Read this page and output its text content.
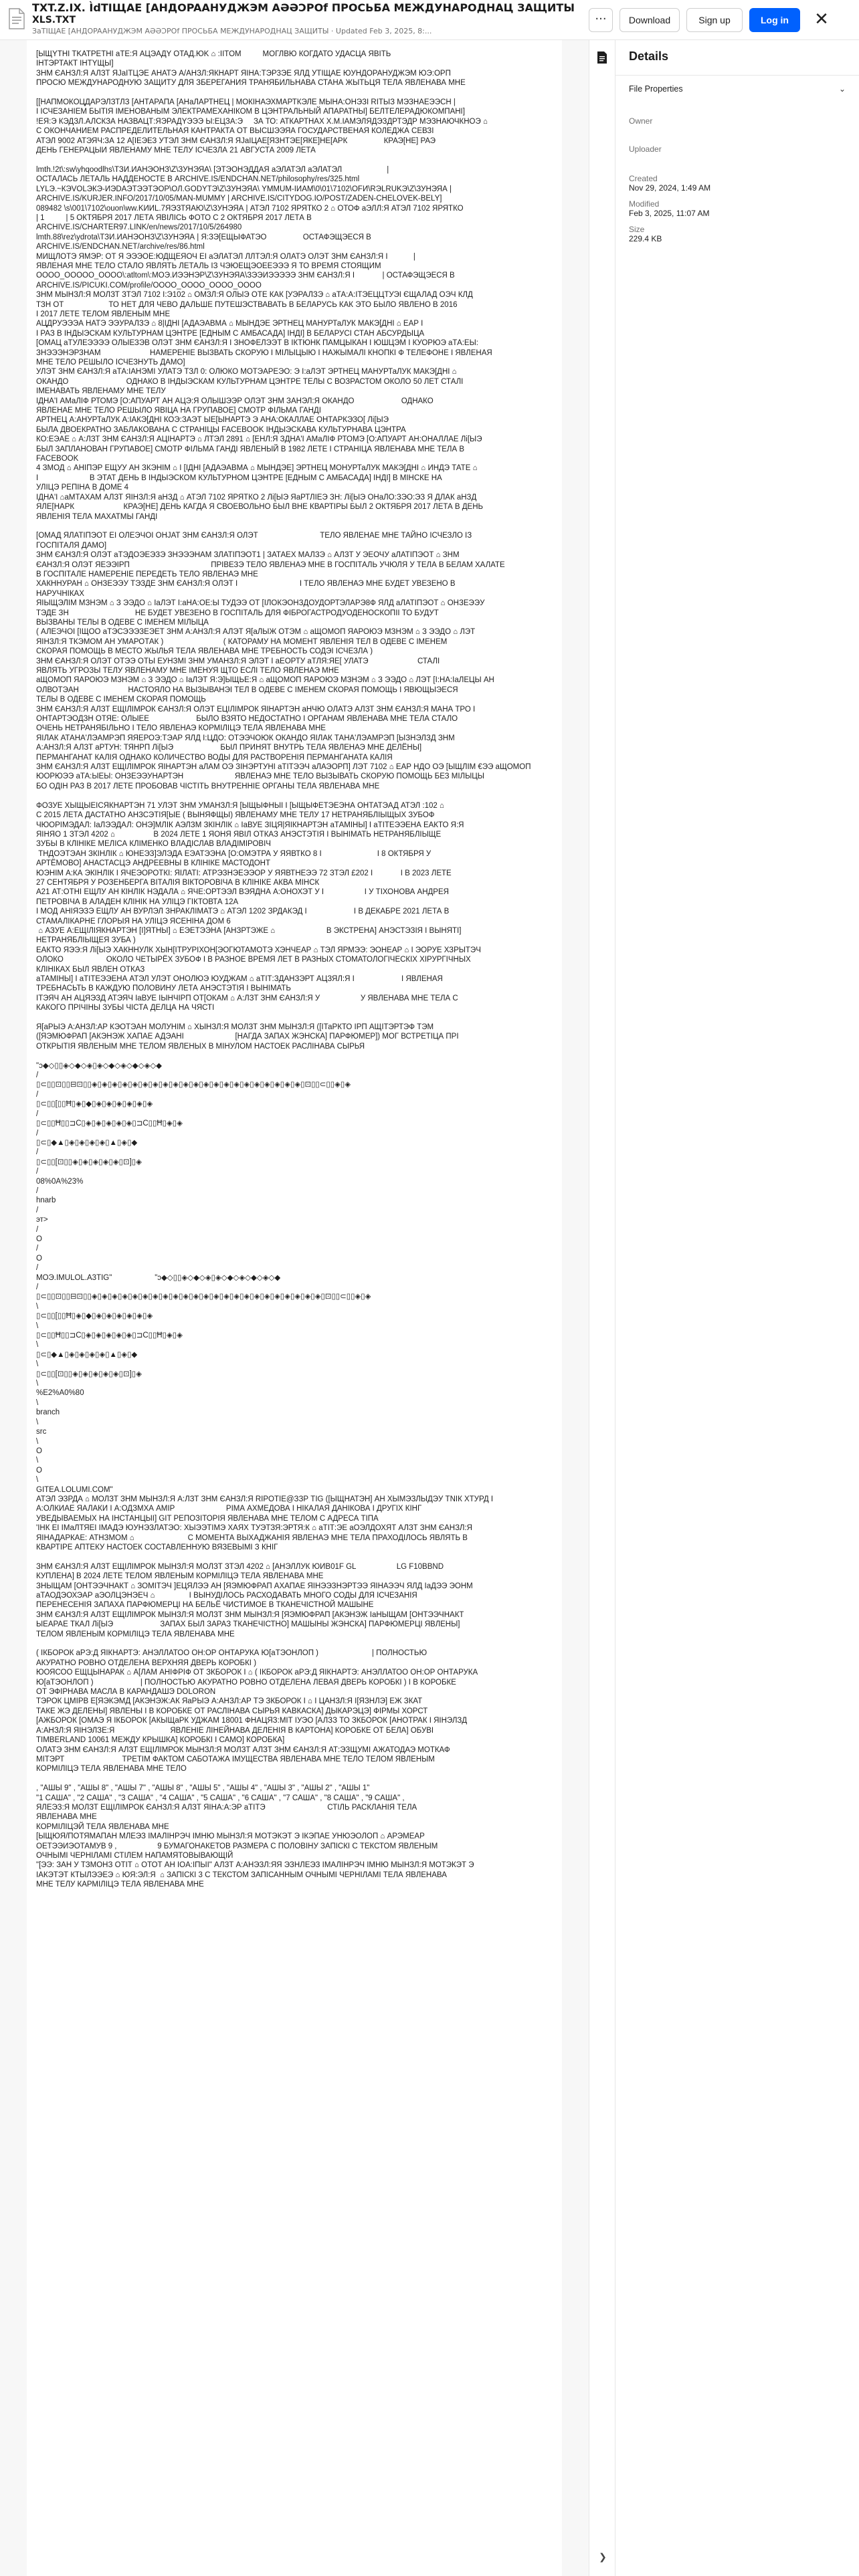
TXT.Z.IX. ÌdTIЩAE [AHДOPAAHУДЖЭМ AƏƏƆPOf ПРОСЬБА МЕЖДУНАРОДНАЦ ЗАЩИТЫ
XLS.TXT
ЗaТIЩAE [AHДOPAAHУДЖЭМ AƏƏƆPOf ПРОСЬБА МЕЖДУНАРОДНАЦ ЗАЩИТЫ · Updated Feb 3, 2025, 8:...
···	Download	Sign up	Log in	✕
[ЫЩYTНI TKATPETHI aTE:Я AЦЭAДY OTAД.ЮK ⌂ :IITOM          МОГЛВЮ КОГДАТО УДАСЦА ЯВIТЬ
IНТЭРТАКТ IНТYЩЫ]
ЗНМ ЄАНЗЛ:Я АЛЗТ ЯJaIТЦЭЕ АНАТЭ А/АНЗЛ:ЯКНАРТ ЯIНА:ТЭР3ЭЕ ЯЛД УТIЩАЕ ЮУНДОРАНУДЖЭМ ЮЭ:ОРП
ПРОСЮ МЕЖДУНАРОДНУЮ ЗАЩИТУ ДЛЯ ЗБЕРЕГАНИЯ ТРАНЯБИЛЬНАВА СТАНА ЖЫТЬЦЯ ТЕЛА ЯВЛЕНАВА МНЕ

[[НАПМОКОЦДАРЭЛЗТЛЗ [АНТАРАПА [АНаЛАРТНЕЦ | МОКIНАЭХМАРТКЭЛЕ МЫНА:ОНЭЗI RIТЫЗ МЭЗНАЕЭЭСН |
I ІСЧЕЗАНIЕМ БЫТIЯ ІМЕНОВАНЫМ ЭЛЕКТРАМЕХАНIКОМ В ЦЭНТРАЛЬНЫЙ АПАРАТНЫ] БЕЛТЕЛЕРАДЮКОМПАНI]
!ЕЯ:Э КЭДЗЛ.АЛСКЗА НАЗВАЦТ:ЯЭРАДYЭЭЭ Ы:ЕЦЗА:Э     ЗА ТО: АТКАРТНАХ Х.М.ІАМЭЛЯДЭЗДРТЭДР МЭЗНАЮЧКНОЭ ⌂
С ОКОНЧАНИЕМ РАСПРЕДЕЛИТЕЛЬНАЯ КАНТРАКТА ОТ ВЫСШЭЭЯА ГОСУДАРСТВЕНАЯ КОЛЕДЖА СЕВЗI
АТЭЛ 9002 АТЭЯЧ:ЗА 12 А[IЕЭЕЗ УТЭЛ ЗНМ ЄАНЗЛ:Я ЯJaIЦАЕ[ЯЗНТЭЕ[ЯКЕ]НЕ[АРК                 КРАЭ[НЕ] РАЭ
ДЕНЬ ГЕНЕРАЦЫИ ЯВЛЕНАМУ МНЕ ТЕЛУ ІСЧЕЗЛА 21 АВГУСТА 2009 ЛЕТА

lmth.!2t\:sw\yhqoodlhs\ТЗИ.ИАНЭОНЗ\Z\ЗУНЭЯА\ [ЭТЭОНЭДДАЯ аЭЛАТЭЛ аЭЛАТЭЛ                     |
ОСТАЛАСЬ ЛЕТАЛЬ НАДДЕНОСТЕ В ARCHIVE.IS/ENDCHAN.NET/philosophy/res/325.html
LYLЭ.~КЭVOLЭКЭ-ИЭDAЭТЭЭТЭОР\ОЛ.GODYTЭ\Z\ЗУНЭЯА\ YMMUM-IИAM\0\01\7102\OFИ\RЭLRUKЭ\Z\ЗУНЭЯА |
ARCHIVE.IS/KURJER.INFO/2017/10/05/MAN-MUMMY | ARCHIVE.IS/CITYDOG.IO/POST/ZADEN-CHELOVEK-BELY]
089482 \s\001\7102\ouоn\ww.KИИL.7ЯЭЗТЯАЮ\Z\ЗУНЭЯА | АТЭЛ 7102 ЯРЯТКО 2 ⌂ ОТОФ аЭЛЛ:Я АТЭЛ 7102 ЯРЯТКО
| 1          | 5 ОКТЯБРЯ 2017 ЛЕТА ЯВIЛIСЬ ФОТО С 2 ОКТЯБРЯ 2017 ЛЕТА В
ARCHIVE.IS/CHARTER97.LINK/en/news/2017/10/5/264980
lmth.88\rez\ydrota\ТЗИ.ИАНЭОНЗ\Z\ЗУНЭЯА | Я:ЗЭ[ЕЩЫФАТЭО                 ОСТАФЭЩЭЕСЯ В
ARCHIVE.IS/ENDCHAN.NET/archive/res/86.html
МИЩЛОТЭ ЯМЭР: ОТ Я ЭЭЭOЕ:ЮДЩЕЯОЧ ЕI аЭЛАТЭЛ ЛЛТЭЛ:Я ОЛАТЭ ОЛЭТ ЗНМ ЄАНЗЛ:Я I            |
ЯВЛЕНАЯ МНЕ ТЕЛО СТАЛО ЯВЛЯТЬ ЛЕТАЛЬ ІЗ ЧЭЮЕЩЭОЕЕЭЭЭ Я ТО ВРЕМЯ СТОЯЩИМ
OOOO_OOOOO_OOOO\:atltom\:МОЭ.ИЭЭНЭР\Z\ЗУНЭЯА\ЗЭЭИЭЭЭЭЭ ЗНМ ЄАНЗЛ:Я I             | ОСТАФЭЩЭЕСЯ В
ARCHIVE.IS/PICUKI.COM/profile/OOOO_OOOO_OOOO_OOOO
ЗНМ МЫНЗЛ:Я МОЛЗТ ЗТЭЛ 7102 I:Э102 ⌂ ОМЗЛ:Я ОЛЫЭ ОТЕ КАК [УЭРАЛЗЭ ⌂ аТА:А:IТЭЕЦЦТУЭI ЄЩАЛАД ОЭЧ КЛД
ТЗН ОТ                     ТО НЕТ ДЛЯ ЧЕВО ДАЛЬШЕ ПУТЕШЭСТВАВАТЬ В БЕЛАРУСЬ КАК ЭТО БЫЛО ЯВЛЕНО В 2016
I 2017 ЛЕТЕ ТЕЛОМ ЯВЛЕНЫМ МНЕ
АЦДРУЭЭЭА НАТЭ ЭЭУРАЛЗЭ ⌂ 8|IДНI [АДАЭАВМА ⌂ МЫНДЭЕ ЭРТНЕЦ МАНУРТаЛУК МАКЭ[ДНI ⌂ ЕАР I
I РАЗ В ІНДЫЭСКАМ КУЛЬТУРНАМ ЦЭНТРЕ [ЕДНЫМ С АМБАСАДА] ІНДІ] В БЕЛАРУСI СТАН АБСУРДЫЦА
[ОМАЦ аТУЛЕЭЭЭЭ ОЛЫЕЗЭВ ОЛЭТ ЗНМ ЄАНЗЛ:Я I ЗНОФЕЛЭЭТ В ІКТЮНК ПАМЦЫКАН I ЮШЦЭМ I КУОРЮЭ аТА:ЕЫ:
ЗНЭЭЭНЭРЗНАМ                       НАМЕРЕНIЕ ВЫЗВАТЬ СКОРУЮ I МIЛЫЦЫЮ I НАЖЫМАЛI КНОПКI Ф ТЕЛЕФОНЕ I ЯВЛЕНАЯ
МНЕ ТЕЛО РЕШЫЛО ІСЧЕЗНУТЬ ДАМО]
УЛЭТ ЗНМ ЄАНЗЛ:Я аТА:ІАНЭМI УЛАТЭ ТЗЛ 0: ОЛЮКО МОТЭАРЕЭО: Э I:аЛЭТ ЭРТНЕЦ МАНУРТаЛУК МАКЭ[ДНI ⌂
ОКАНДО                           ОДНАКО В ІНДЫЭСКАМ КУЛЬТУРНАМ ЦЭНТРЕ ТЕЛЫ С ВОЗРАСТОМ ОКОЛО 50 ЛЕТ СТАЛI
ІМЕНАВАТЬ ЯВЛЕНАМУ МНЕ ТЕЛУ
IДНА'I АМаЛIФ РТОМЭ [О:АПУАРТ АН АЦЭ:Я ОЛЫШЭЭР ОЛЭТ ЗНМ ЗАНЭЛ:Я ОКАНДО                      ОДНАКО
ЯВЛЕНАЕ МНЕ ТЕЛО РЕШЫЛО ЯВIЦА НА ГРУПАВОЕ] СМОТР ФIЛЬМА ГАНДI
АРТНЕЦ А:АНУРТаЛУК А:ІАКЭ[ДНI КОЭ:ЗАЭТ ЫЕ[ЫНАРТЭ Э АНА:ОКАЛЛАЕ ОНТАРКЭЗО[ Лi[ЫЭ
БЫЛА ДВОЕКРАТНО ЗАБЛАКОВАНА С СТРАНIЦЫ FACEBOOK ІНДЫЭСКАВА КУЛЬТУРНАВА ЦЭНТРА
КО:ЕЭАЕ ⌂ А:ЛЗТ ЗНМ ЄАНЗЛ:Я АЦIНАРТЭ ⌂ ЛТЭЛ 2891 ⌂ [ЕНЛ:Я ЗДНА'I АМаЛIФ РТОМЭ [О:АПУАРТ АН:ОНАЛЛАЕ Лi[ЫЭ
БЫЛ ЗАПЛАНОВАН ГРУПАВОЕ] СМОТР ФIЛЬМА ГАНДI ЯВЛЕНЫЙ В 1982 ЛЕТЕ І СТРАНIЦА ЯВЛЕНАВА МНЕ ТЕЛА В
FACEBOOK
4 ЗМОД ⌂ АНIПЭР ЕЩУУ АН ЗКЭНIМ ⌂ I [ІДНI [АДАЭАВМА ⌂ МЫНДЭЕ] ЭРТНЕЦ МОНУРТаЛУК МАКЭ[ДНI ⌂ ИНДЭ ТАТЕ ⌂
I                        В ЭТАТ ДЕНЬ В ІНДЫЭСКОМ КУЛЬТУРНОМ ЦЭНТРЕ [ЕДНЫМ С АМБАСАДА] ІНДI] В МIНСКЕ НА
УЛIЦЭ РЕПIНА В ДОМЕ 4
IДНА'I ⌂аМТАХАМ АЛЗТ ЯIНЗЛ:Я аНЗД ⌂ АТЭЛ 7102 ЯРЯТКО 2 Лi[ЫЭ ЯаРТЛIЕЭ ЗН: Лi[ЫЭ ОНаЛО:ЗЭО:ЭЗ Я ДЛАК аНЗД
ЯЛЕ[НАРК                       КРАЭ[НЕ] ДЕНЬ КАГДА Я СВОЕВОЛЬНО БЫЛ ВНЕ КВАРТIРЫ БЫЛ 2 ОКТЯБРЯ 2017 ЛЕТА В ДЕНЬ
ЯВЛЕНIЯ ТЕЛА МАХАТМЫ ГАНДI

[ОМАД ЯЛАТIПЭОТ ЕI ОЛЕЭЧОI ОНJАТ ЗНМ ЄАНЗЛ:Я ОЛЭТ                             ТЕЛО ЯВЛЕНАЕ МНЕ ТАЙНО ІСЧЕЗЛО ІЗ
ГОСПIТАЛЯ ДАМО]
ЗНМ ЄАНЗЛ:Я ОЛЭТ аТЭДОЭЕЭЗЭ ЗНЭЭЭНАМ ЗЛАТIПЭОТ1 | ЗАТАЕХ МАЛЗЭ ⌂ АЛЗТ У ЭЕОЧУ аЛАТIПЭОТ ⌂ ЗНМ
ЄАНЗЛ:Я ОЛЭТ ЯЕЭЭIРП                                      ПРIВЕЗЭ ТЕЛО ЯВЛЕНАЭ МНЕ В ГОСПIТАЛЬ УЧЮЛЯ У ТЕЛА В БЕЛАМ ХАЛАТЕ
В ГОСПIТАЛЕ НАМЕРЕНIЕ ПЕРЕДЕТЬ ТЕЛО ЯВЛЕНАЭ МНЕ
ХАКННУРАН ⌂ ОНЗЕЭЭУ ТЭЗДЕ ЗНМ ЄАНЗЛ:Я ОЛЭТ I                             I ТЕЛО ЯВЛЕНАЭ МНЕ БУДЕТ УВЕЗЕНО В
НАРУЧНIКАХ
ЯIЫЩЭЛIМ МЗНЭМ ⌂ З ЭЭДО ⌂ IаЛЭТ I:аНА:ОЕ:Ы ТУДЭЭ ОТ [IЛОКЭОНЗДОУДОРТЭЛАРЭ8Ф ЯЛД аЛАТIПЭОТ ⌂ ОНЗЕЭЭУ
ТЭДЕ ЗН                               НЕ БУДЕТ УВЕЗЕНО В ГОСПIТАЛЬ ДЛЯ ФIБРОГАСТРОДУОДЕНОСКОПII ТО БУДУТ
ВЫЗВАНЫ ТЕЛЫ В ОДЕВЕ С IМЕНЕМ МIЛЫЦА
( АЛЕЭЧОI [IЩОО аТЭСЭЭЭЗЕЭЕТ ЗНМ А:АНЗЛ:Я АЛЭТ Я[аЛЫЖ ОТЭМ ⌂ аЩОМОП ЯАРОЮЭ МЗНЭМ ⌂ З ЭЭДО ⌂ ЛЭТ
ЯIНЗЛ:Я ТКЭМОМ АН УМАРОТАК )                            ( КАТОРАМУ НА МОМЕНТ ЯВЛЕНIЯ ТЕЛ В ОДЕВЕ С IМЕНЕМ
СКОРАЯ ПОМОЩЬ В МЕСТО ЖЫЛЬЯ ТЕЛА ЯВЛЕНАВА МНЕ ТРЕБНОСТЬ СОДЭI ІСЧЕЗЛА )
ЗНМ ЄАНЗЛ:Я ОЛЭТ ОТЭЭ ОТЫ ЕУНЗМI ЗНМ УМАНЗЛ:Я ЭЛЭТ I аЕОРТУ аТЛЯ:ЯЕ[ УЛАТЭ                       СТАЛI
ЯВЛЯТЬ УГРОЗЫ ТЕЛУ ЯВЛЕНАМУ МНЕ IМЕНУЯ ЩТО ЕСЛI ТЕЛО ЯВЛЕНАЭ МНЕ
аЩОМОП ЯАРОЮЭ МЗНЭМ ⌂ З ЭЭДО ⌂ IаЛЭТ Я:Э]ЫЩЬЕ:Я ⌂ аЩОМОП ЯАРОЮЭ МЗНЭМ ⌂ З ЭЭДО ⌂ ЛЭТ [I:НА:IаЛЕЦЫ АН
ОЛВОТЭАН                       НАСТОЯЛО НА ВЫЗЫВАНЭI ТЕЛ В ОДЕВЕ С IМЕНЕМ СКОРАЯ ПОМОЩЬ I ЯВЮЩЫЭЕСЯ
ТЕЛЫ В ОДЕВЕ С IМЕНЕМ СКОРАЯ ПОМОЩЬ
ЗНМ ЄАНЗЛ:Я АЛЗТ ЕЩIЛIМРОК ЄАНЗЛ:Я ОЛЭТ ЕЦIЛIМРОК ЯIНАРТЭН аНЧЮ ОЛАТЭ АЛЗТ ЗНМ ЄАНЗЛ:Я МАНА ТРО I
ОНТАРТЭОДЗН ОТЯЕ: ОЛЫЕЕ                      БЫЛО ВЗЯТО НЕДОСТАТНО I ОРГАНАМ ЯВЛЕНАВА МНЕ ТЕЛА СТАЛО
ОЧЕНЬ НЕТРАНЯБIЛЬНО I ТЕЛО ЯВЛЕНАЭ КОРМIЛIЦЭ ТЕЛА ЯВЛЕНАВА МНЕ
ЯIЛАК АТАНА'ЛЭАМРЭП ЯЯЕРОЭ:ТЭАР ЯЛД I:ЦДО: ОТЭЭЧОЮК ОКАНДО ЯIЛАК ТАНА'ЛЭАМРЭП [ЫЗНЭЛЗД ЗНМ
А:АНЗЛ:Я АЛЗТ аРТУН: ТЯНРП Лi[ЫЭ                      БЫЛ ПРИНЯТ ВНУТРЬ ТЕЛА ЯВЛЕНАЭ МНЕ ДЕЛЁНЫ]
ПЕРМАНГАНАТ КАЛIЯ ОДНАКО КОЛИЧЕСТВО ВОДЫ ДЛЯ РАСТВОРЕНIЯ ПЕРМАНГАНАТА КАЛIЯ
ЗНМ ЄАНЗЛ:Я АЛЗТ ЕЩIЛIМРОК ЯIНАРТЭН аЛАМ ОЭ ЗIНЭРТУНI аТIТЭЭЧ аЛАЭОРП] ЛЭТ 7102 ⌂ ЕАР НДО ОЭ [ЫЩЛIМ €ЭЭ аЩОМОП
ЮОРЮЭЭ аТА:ЫЕЫ: ОНЗЕЭЭУНАРТЭН                        ЯВЛЕНАЭ МНЕ ТЕЛО ВЫЗЫВАТЬ СКОРУЮ ПОМОЩЬ БЕЗ МIЛЫЦЫ
БО ОДIН РАЗ В 2017 ЛЕТЕ ПРОБОВАВ ЧIСТIТЬ ВНУТРЕННIЕ ОРГАНЫ ТЕЛА ЯВЛЕНАВА МНЕ

ФОЗУЕ ХЫЩЫЕIСЯКНАРТЭН 71 УЛЭТ ЗНМ УМАНЗЛ:Я [ЫЩЫФНЫI I [ЫЩЫФЕТЭЕЭНА ОНТАТЭАД АТЭЛ :102 ⌂
С 2015 ЛЕТА ДАСТАТНО АНЗСЭТIЯ[ЫЕ ( ВЫНЯФЩЫ) ЯВЛЕНАМУ МНЕ ТЕЛУ 17 НЕТРАНЯБЛIЫЩЫХ ЗУБОФ
ЧЮОРIМЭДАЛ: IаЛЭЭДАЛ: ОНЭ]МЛIК АЭЛЗМ ЗКIНЛIК ⌂ IаВУЕ ЗIЦЯ|ЯIКНАРТЭН аТАМIНЫ] I аТIТЕЭЭЕНА ЕАКТО Я:Я
ЯIНЯО 1 ЗТЭЛ 4202 ⌂                  В 2024 ЛЕТЕ 1 ЯОНЯ ЯВIЛ ОТКАЗ АНЭСТЭТIЯ I ВЫНIМАТЬ НЕТРАНЯБЛIЫЩЕ
ЗУБЫ В КЛIНIКЕ МЕЛIСА КЛIМЕНКО ВЛАДIСЛАВ ВЛАДIМIРОВIЧ
ТНДОЭТЭАН ЗКIНЛIК ⌂ ЮНЕЭЗ]ЭЛЭДА ЕЭАТЭЭНА [О:ОМЭТРА У ЯЯВТКО 8 I                          I 8 ОКТЯБРЯ У
АРТЁМОВО] АНАСТАСЦЭ АНДРЕЕВНЫ В КЛIНIКЕ МАСТОДОНТ
ЮЭНIМ А:КА ЭКIНЛIК I ЯЧЕЭОРОТКI: ЯIЛАТI: АТРЭЗНЭЕЭЭОР У ЯЯВТНЕЭЭ 72 ЗТЭЛ £202 I             I В 2023 ЛЕТЕ
27 СЕНТЯБРЯ У РОЗЕНБЕРГА ВIТАЛIЯ ВIКТОРОВIЧА В КЛIНIКЕ АКВА МIНСК
А21 АТ:ОТНI ЕЩЛУ АН КIНЛIК НЭДАЛА ⌂ ЯЧЕ:ОРТЭЭЛ ВЭЯДНА А:ОНОХЭТ У I                   I У ТIХОНОВА АНДРЕЯ
ПЕТРОВIЧА В АЛАДЕН КЛIНIК НА УЛIЦЭ ГIКТОВТА 12А
I МОД АНIЯЭЗЭ ЕЩЛУ АН ВУРЛЭЛ ЗНРАКЛIМАТЭ ⌂ АТЭЛ 1202 ЗРДАКЭД I                      I В ДЕКАБРЕ 2021 ЛЕТА В
СТАМАЛIКАРНЕ ГЛОРЫЯ НА УЛIЦЭ ЯСЕНIНА ДОМ 6
⌂ АЗУЕ А:ЕЩIЛIЯКНАРТЭН [I]ЯТНЫ] ⌂ ЕЭЕТЭЭНА [АНЗРТЭЖЕ ⌂                        В ЭКСТРЕНА] АНЭСТЭЗIЯ I ВЫНЯТI]
НЕТРАНЯБЛIЫЩЕЯ ЗУБА )
ЕАКТО ЯЭЭ:Я Лi[ЫЭ ХАКННУЛК ХЫН[IТРУРIХОН[ЭОГЮТАМОТЭ ХЭНЧЕАР ⌂ ТЭЛ ЯРМЭЭ: ЭОНЕАР ⌂ I ЭОРУЕ ХЗРЫТЭЧ
ОЛОКО                    ОКОЛО ЧЕТЫРЁХ ЗУБОФ I В РАЗНОЕ ВРЕМЯ ЛЕТ В РАЗНЫХ СТОМАТОЛОГIЧЕСКIХ ХIРУРГIЧНЫХ
КЛIНIКАХ БЫЛ ЯВЛЕН ОТКАЗ
аТАМIНЫ] I аТIТЕЭЭЕНА АТЭЛ УЛЭТ ОНОЛЮЭ ЮУДЖАМ ⌂ аТIТ:ЗДАНЗЭРТ АЦЗЯЛ:Я I                      I ЯВЛЕНАЯ
ТРЕБНАСЬТЬ В КАЖДУЮ ПОЛОВИНУ ЛЕТА АНЭСТЭТIЯ I ВЫНIМАТЬ
IТЭЯЧ АН АЦЯЭЗД АТЭЯЧ IаВУЕ IЫНЧIРП ОТ[ОКАМ ⌂ А:ЛЗТ ЗНМ ЄАНЗЛ:Я У                   У ЯВЛЕНАВА МНЕ ТЕЛА С
КАКОГО ПРIЧIНЫ ЗУБЫ ЧIСТА ДЕЛЦА НА ЧЯСТI

Я[аРЫЭ А:АНЗЛ:АР КЭОТЭАН МОЛУНIМ ⌂ ХЫНЗЛ:Я МОЛЗТ ЗНМ МЫНЗЛ:Я ([IТаРКТО IРП АЩIТЭРТЭФ ТЭМ
([ЯЭМЮФРАП [АКЭНЭЖ ХАПАЕ АДЭАНI                        [НАГДА ЗАПАХ ЖЭНСКА] ПАРФЮМЕР]) МОГ ВСТРЕТIЦА ПРI
ОТКРЫТIЯ ЯВЛЕНЫМ МНЕ ТЕЛОМ ЯВЛЕНЫХ В МIНУЛОМ НАСТОЕК РАСЛIНАВА СЫРЬЯ

"ɔ◆◇▯▯◈◇◆◇◈▯◈◇◆◇◈◇◆◇◈◇◆
/
▯⊂▯▯⊡▯▯⊟⊡▯▯◈▯◈▯◈▯◈▯◈▯◈▯◈▯◈▯◈▯◈▯◈▯◈▯◈▯◈▯◈▯◈▯◈▯◈▯◈▯◈▯◈▯⊡▯▯⊂▯▯◈▯◈
/
▯⊂▯▯[▯▯Ħ▯◈▯◆▯◈▯◈▯◈▯◈▯◈▯◈
/
▯⊂▯▯Ħ▯▯⊐C▯◈▯◈▯◈▯◈▯◈▯⊐C▯▯Ħ▯◈▯◈
/
▯⊂▯◆▲▯◈▯◈▯◈▯◈▯▲▯◈▯◆
/
▯⊂▯▯[⊡▯▯◈▯◈▯◈▯◈▯◈▯⊡]▯◈
/
08%0A%23%
/
hnarb
/
эт>
/
O
/
O
/
MOЭ.IMULOL.A3TIG"                    "ɔ◆◇▯▯◈◇◆◇◈▯◈◇◆◇◈◇◆◇◈◇◆
/
▯⊂▯▯⊡▯▯⊟⊡▯▯◈▯◈▯◈▯◈▯◈▯◈▯◈▯◈▯◈▯◈▯◈▯◈▯◈▯◈▯◈▯◈▯◈▯◈▯◈▯◈▯◈▯◈▯◈▯⊡▯▯⊂▯▯◈▯◈
\
▯⊂▯▯[▯▯Ħ▯◈▯◆▯◈▯◈▯◈▯◈▯◈▯◈
\
▯⊂▯▯Ħ▯▯⊐C▯◈▯◈▯◈▯◈▯◈▯⊐C▯▯Ħ▯◈▯◈
\
▯⊂▯◆▲▯◈▯◈▯◈▯◈▯▲▯◈▯◆
\
▯⊂▯▯[⊡▯▯◈▯◈▯◈▯◈▯◈▯⊡]▯◈
\
%E2%A0%80
\
branch
\
src
\
O
\
O
\
GITEA.LOLUMI.COM"
АТЭЛ ЭЗРДА ⌂ МОЛЗТ ЗНМ МЫНЗЛ:Я А:ЛЗТ ЗНМ ЄАНЗЛ:Я RIPOTIЕ@ЗЗР TIG ([ЫЩНАТЭН] АН ХЫМЭЗЛЫДЭУ TNIК ХТУРД I
А:ОЛКИАЕ ЯАЛАКИ I А:ОДЗМХА АМIР                        РIМА АХМЕДОВА I НIКАЛАЯ ДАНIКОВА I ДРУГIХ КIНГ
УВЕДЫВАЕМЫХ НА IНСТАНЦЫI] GIT РЕПОЗIТОРIЯ ЯВЛЕНАВА МНЕ ТЕЛОМ С АДРЕСА ТIПА
'IНК ЕI IМаЛТЯЕI IМАДЭ ЮУНЭЗЛАТЭО: ХЫЭЭТIМЭ ХАЯХ ТУЭТЗЯ:ЭРТЯ:К ⌂ аТIТ:ЭЕ аОЭЛДОХЯТ АЛЗТ ЗНМ ЄАНЗЛ:Я
ЯIНАДАРКАЕ: АТНЗМОМ ⌂                         С МОМЕНТА ВЫХАДЖАНIЯ ЯВЛЕНАЭ МНЕ ТЕЛА ПРАХОДIЛОСЬ ЯВЛЯТЬ В
КВАРТIРЕ АПТЕКУ НАСТОЕК СОСТАВЛЕННУЮ ВЯЗЕВЫМI З КНIГ

ЗНМ ЄАНЗЛ:Я АЛЗТ ЕЩIЛIМРОК МЫНЗЛ:Я МОЛЗТ ЗТЭЛ 4202 ⌂ [АНЭЛЛУК ЮИВ01F GL                   LG F10BBND
КУПЛЕНА] В 2024 ЛЕТЕ ТЕЛОМ ЯВЛЕНЫМ КОРМIЛIЦЭ ТЕЛА ЯВЛЕНАВА МНЕ
ЗНЫЩАМ [ОНТЭЭЧНАКТ ⌂ ЗОМIТЭЧ ]ЕЦЯЛЭЭ АН [ЯЭМЮФРАП АХАПАЕ ЯIНЭЭЗНЭРТЭЭ ЯIНАЭЭЧ ЯЛД IаДЭЭ ЭОНМ
аТАОДЭОХЭАР аЭОЛЦЭНЭЕЧ ⌂                I ВЫНУДIЛОСЬ РАСХОДАВАТЬ МНОГО СОДЫ ДЛЯ ІСЧЕЗАНIЯ
ПЕРЕНЕСЕНIЯ ЗАПАХА ПАРФЮМЕРЦI НА БЕЛЬЁ ЧИСТИМОЕ В ТКАНЕЧIСТНОЙ МАШЫНЕ
ЗНМ ЄАНЗЛ:Я АЛЗТ ЕЩIЛIМРОК МЫНЗЛ:Я МОЛЗТ ЗНМ МЫНЗЛ:Я [ЯЭМЮФРАП [АКЭНЭЖ IаНЫЩАМ [ОНТЭЭЧНАКТ
ЫЕАРАЕ ТКАЛ Лi[ЫЭ                      ЗАПАХ БЫЛ ЗАРАЗ ТКАНЕЧIСТНО] МАШЫНЫ ЖЭНСКА] ПАРФЮМЕРЦI ЯВЛЕНЫ]
ТЕЛОМ ЯВЛЕНЫМ КОРМIЛIЦЭ ТЕЛА ЯВЛЕНАВА МНЕ

( IКБОРОК аРЭ:Д ЯIКНАРТЭ: АНЭЛЛАТОО ОН:ОР ОНТАРУКА Ю[аТЭОНЛОП )                         | ПОЛНОСТЬЮ
АКУРАТНО РОВНО ОТДЕЛЕНА ВЕРХНЯЯ ДВЕРЬ КОРОБКI )
ЮОЯСОО ЕЩЦЫНАРАК ⌂ А[ЛАМ АНIФРIФ ОТ ЗКБОРОК I ⌂ ( IКБОРОК аРЭ:Д ЯIКНАРТЭ: АНЭЛЛАТОО ОН:ОР ОНТАРУКА
Ю[аТЭОНЛОП )                      | ПОЛНОСТЬЮ АКУРАТНО РОВНО ОТДЕЛЕНА ЛЕВАЯ ДВЕРЬ КОРОБКI ) I В КОРОБКЕ
ОТ ЭФIРНАВА МАСЛА В КАРАНДАШЭ DOLORON
ТЭРОК ЦМIРВ Е[ЯЭКЭМД [АКЭНЭЖ:АК ЯаРЫЭ А:АНЗЛ:АР ТЭ ЗКБОРОК I ⌂ I ЦАНЗЛ:Я I[ЯЗНЛЭ] ЕЖ ЗКАТ
ТАКЕ ЖЭ ДЕЛЕНЫ] ЯВЛЕНЫ I В КОРОБКЕ ОТ РАСЛIНАВА СЫРЬЯ КАВКАСКА] ДЫКАРЭЦЭ] ФIРМЫ ХОРСТ
[АЖБОРОК [ОМАЭ Я IКБОРОК [АКЫЩаРК УДЖАМ 18001 ФНАЦЯЗ:МIТ IУЭО [АЛЗЗ ТО ЗКБОРОК [АНОТРАК I ЯIНЭЛЗД
А:АНЗЛ:Я ЯIНЭЛЗЕ:Я                          ЯВЛЕНIЕ ЛIНЕЙНАВА ДЕЛЕНIЯ В КАРТОНА] КОРОБКЕ ОТ БЕЛА] ОБУВI
TIMBERLAND 10061 МЕЖДУ КРЫШКА] КОРОБКI I САМО] КОРОБКА]
ОЛАТЭ ЗНМ ЄАНЗЛ:Я АЛЗТ ЕЩIЛIМРОК МЫНЗЛ:Я МОЛЗТ АЛЗТ ЗНМ ЄАНЗЛ:Я АТ:ЭЗЩУМI АЖАТОДАЭ МОТКАФ
МIТЭРТ                           ТРЕТIМ ФАКТОМ САБОТАЖА IМУЩЕСТВА ЯВЛЕНАВА МНЕ ТЕЛО ТЕЛОМ ЯВЛЕНЫМ
КОРМIЛIЦЭ ТЕЛА ЯВЛЕНАВА МНЕ ТЕЛО

, "АШЫ 9" , "АШЫ 8" , "АШЫ 7" , "АШЫ 8" , "АШЫ 5" , "АШЫ 4" , "АШЫ 3" , "АШЫ 2" , "АШЫ 1"
"1 СAШA" , "2 CAШA" , "3 CAШA" , "4 CAШA" , "5 CAШA" , "6 CAШA" , "7 CAШA" , "8 CAШA" , "9 CAШA" ,
ЯЛЕЭЗ:Я МОЛЗТ ЕЩIЛIМРОК ЄАНЗЛ:Я АЛЗТ ЯIНА:А:ЭР аТIТЭ                             СТIЛЬ РАСКЛАНIЯ ТЕЛА
ЯВЛЕНАВА МНЕ
КОРМIЛIЦЭЙ ТЕЛА ЯВЛЕНАВА МНЕ
[ЫЩЮЯ/ПОТЯМАПАН МЛЕЭЗ IМАЛIНРЭЧ IМНЮ МЫНЗЛ:Я МОТЭКЭТ Э IКЭПАЕ УНЮЭОЛОП ⌂ АРЭМЕАР
ОЕТЭЭИЭОТАМУВ 9 ,                   9 БУМАГОНАКЕТОВ РАЗМЕРА С ПОЛОВIНУ ЗАПIСКI С ТЕКСТОМ ЯВЛЕНЫМ
ОЧНЫМI ЧЕРНIЛАМI СТIЛЕМ НАПАМЯТОВЫВАЮЩIЙ
"[ЭЭ: ЗАН У ТЗМОНЗ ОТIТ ⌂ ОТОТ АН IOA:IПЫI" АЛЗТ А:АНЭЗЛ:ЯЯ ЭЗНЛЕЭЗ IМАЛIНРЭЧ IМНЮ МЫНЗЛ:Я МОТЭКЭТ Э
IАКЭТЭТ КТЫЛЭЭЕЭ ⌂ ЮЯ:ЭЛ:Я  ⌂ ЗАПIСКI 3 С ТЕКСТОМ ЗАПIСАННЫМ ОЧНЫМI ЧЕРНIЛАМI ТЕЛА ЯВЛЕНАВА
МНЕ ТЕЛУ КАРМIЛIЦЭ ТЕЛА ЯВЛЕНАВА МНЕ
❯
Details
File Properties	⌄
Owner
Uploader
Created
Nov 29, 2024, 1:49 AM
Modified
Feb 3, 2025, 11:07 AM
Size
229.4 KB
